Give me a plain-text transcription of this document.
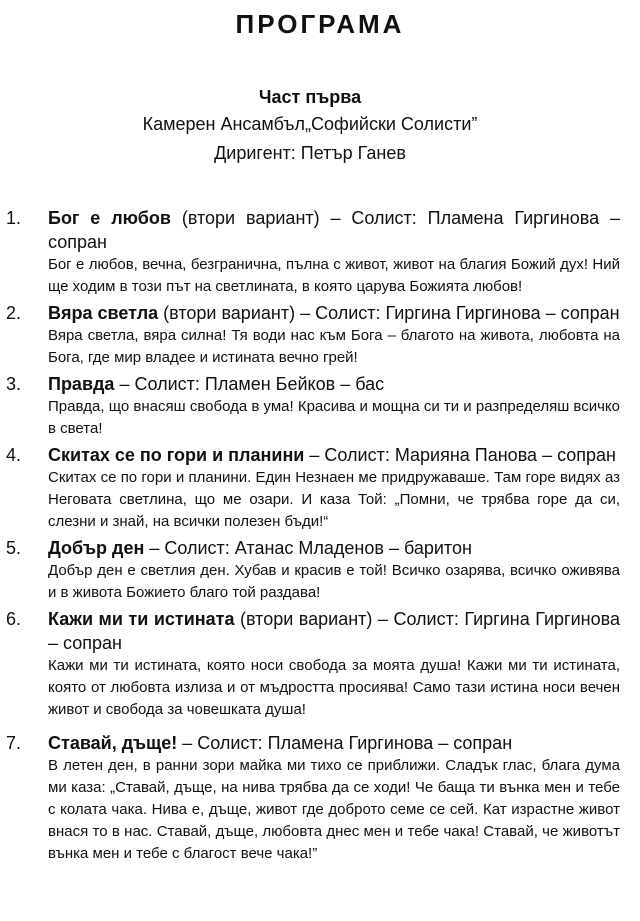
ПРОГРАМА
Част първа
Камерен Ансамбъл„Софийски Солисти”
Диригент: Петър Ганев
1. Бог е любов (втори вариант) – Солист: Пламена Гиргинова – сопран
Бог е любов, вечна, безгранична, пълна с живот, живот на благия Божий дух! Ний ще ходим в този път на светлината, в която царува Божията любов!
2. Вяра светла (втори вариант) – Солист: Гиргина Гиргинова – сопран
Вяра светла, вяра силна! Тя води нас към Бога – благото на живота, любовта на Бога, где мир владее и истината вечно грей!
3. Правда – Солист: Пламен Бейков – бас
Правда, що внасяш свобода в ума! Красива и мощна си ти и разпределяш всичко в света!
4. Скитах се по гори и планини – Солист: Марияна Панова – сопран
Скитах се по гори и планини. Един Незнаен ме придружаваше. Там горе видях аз Неговата светлина, що ме озари. И каза Той: „Помни, че трябва горе да си, слезни и знай, на всички полезен бъди!“
5. Добър ден – Солист: Атанас Младенов – баритон
Добър ден е светлия ден. Хубав и красив е той! Всичко озарява, всичко оживява и в живота Божието благо той раздава!
6. Кажи ми ти истината (втори вариант) – Солист: Гиргина Гиргинова – сопран
Кажи ми ти истината, която носи свобода за моята душа! Кажи ми ти истината, която от любовта излиза и от мъдростта просиява! Само тази истина носи вечен живот и свобода за човешката душа!
7. Ставай, дъще! – Солист: Пламена Гиргинова – сопран
В летен ден, в ранни зори майка ми тихо се приближи. Сладък глас, блага дума ми каза: „Ставай, дъще, на нива трябва да се ходи! Че баща ти вънка мен и тебе с колата чака. Нива е, дъще, живот где доброто семе се сей. Кат израстне живот внася то в нас. Ставай, дъще, любовта днес мен и тебе чака! Ставай, че животът вънка мен и тебе с благост вече чака!”
